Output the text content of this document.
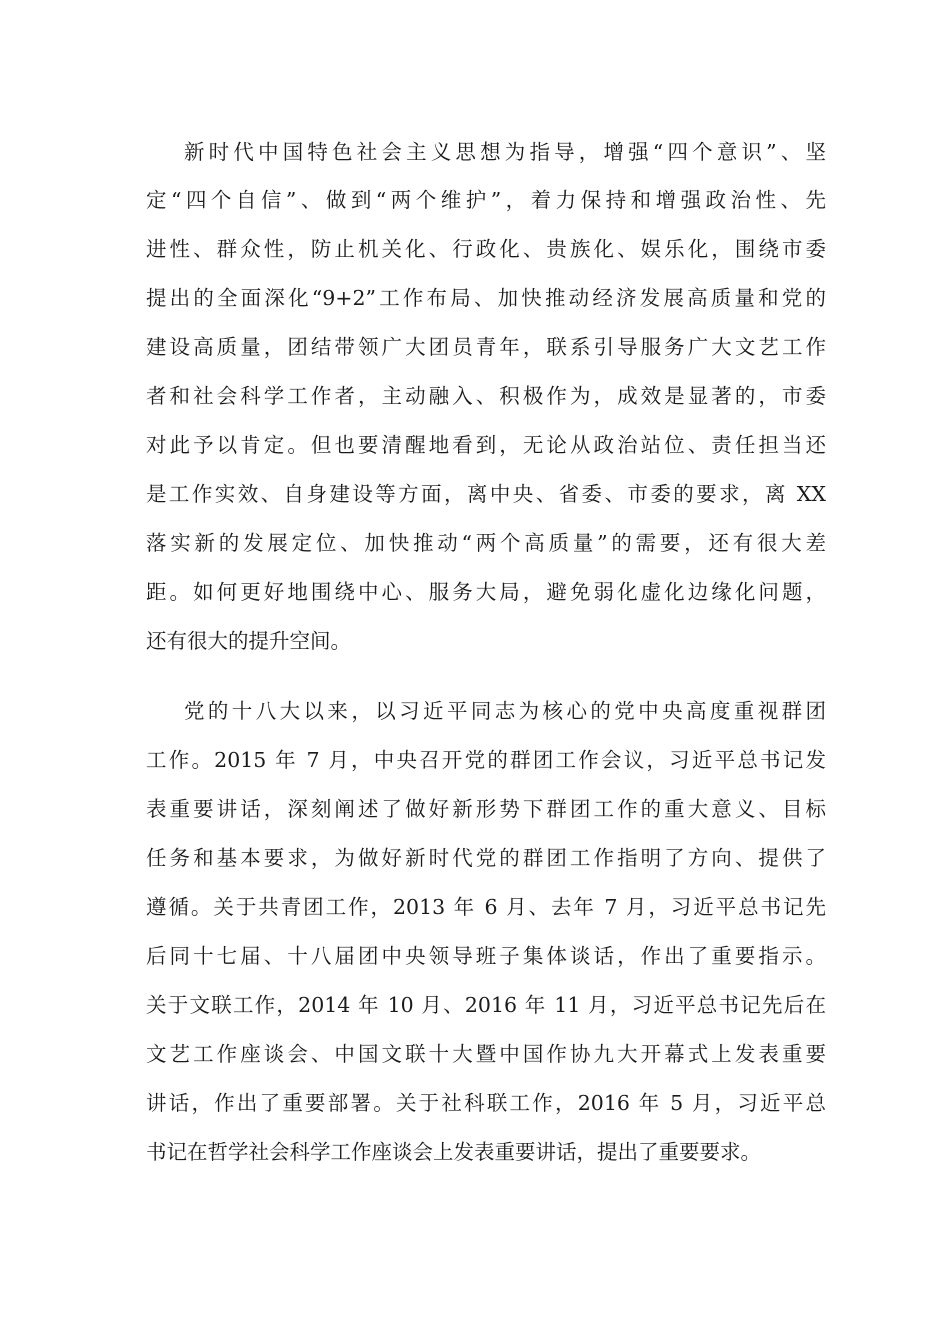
新时代中国特色社会主义思想为指导，增强“四个意识”、坚
定“四个自信”、做到“两个维护”，着力保持和增强政治性、先
进性、群众性，防止机关化、行政化、贵族化、娱乐化，围绕市委
提出的全面深化“9+2”工作布局、加快推动经济发展高质量和党的
建设高质量，团结带领广大团员青年，联系引导服务广大文艺工作
者和社会科学工作者，主动融入、积极作为，成效是显著的，市委
对此予以肯定。但也要清醒地看到，无论从政治站位、责任担当还
是工作实效、自身建设等方面，离中央、省委、市委的要求，离 XX
落实新的发展定位、加快推动“两个高质量”的需要，还有很大差
距。如何更好地围绕中心、服务大局，避免弱化虚化边缘化问题，
还有很大的提升空间。
党的十八大以来，以习近平同志为核心的党中央高度重视群团
工作。2015 年 7 月，中央召开党的群团工作会议，习近平总书记发
表重要讲话，深刻阐述了做好新形势下群团工作的重大意义、目标
任务和基本要求，为做好新时代党的群团工作指明了方向、提供了
遵循。关于共青团工作，2013 年 6 月、去年 7 月，习近平总书记先
后同十七届、十八届团中央领导班子集体谈话，作出了重要指示。
关于文联工作，2014 年 10 月、2016 年 11 月，习近平总书记先后在
文艺工作座谈会、中国文联十大暨中国作协九大开幕式上发表重要
讲话，作出了重要部署。关于社科联工作，2016 年 5 月，习近平总
书记在哲学社会科学工作座谈会上发表重要讲话，提出了重要要求。
